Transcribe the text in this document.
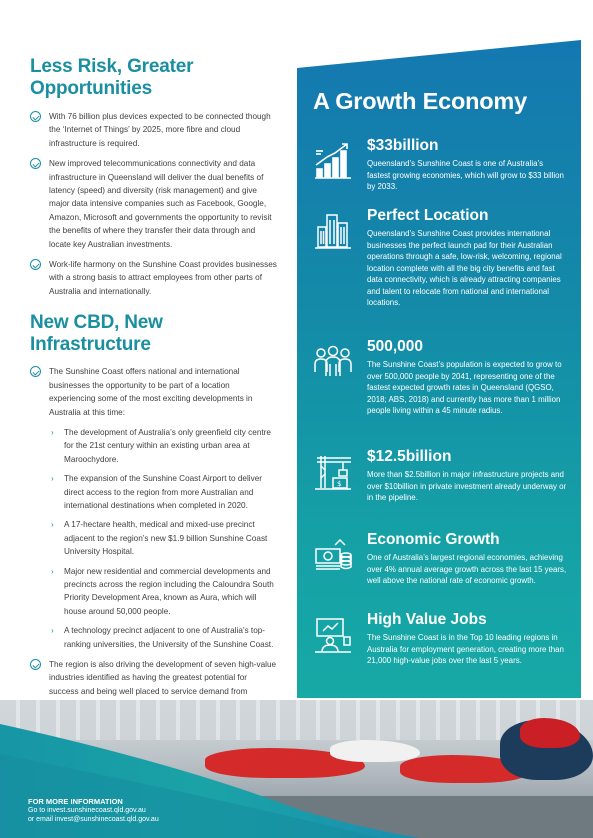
Less Risk, Greater Opportunities
With 76 billion plus devices expected to be connected though the ‘Internet of Things’ by 2025, more fibre and cloud infrastructure is required.
New improved telecommunications connectivity and data infrastructure in Queensland will deliver the dual benefits of latency (speed) and diversity (risk management) and give major data intensive companies such as Facebook, Google, Amazon, Microsoft and governments the opportunity to revisit the benefits of where they transfer their data through and locate key Australian investments.
Work-life harmony on the Sunshine Coast provides businesses with a strong basis to attract employees from other parts of Australia and internationally.
New CBD, New Infrastructure
The Sunshine Coast offers national and international businesses the opportunity to be part of a location experiencing some of the most exciting developments in Australia at this time:
› The development of Australia’s only greenfield city centre for the 21st century within an existing urban area at Maroochydore.
› The expansion of the Sunshine Coast Airport to deliver direct access to the region from more Australian and international destinations when completed in 2020.
› A 17-hectare health, medical and mixed-use precinct adjacent to the region’s new $1.9 billion Sunshine Coast University Hospital.
› Major new residential and commercial developments and precincts across the region including the Caloundra South Priority Development Area, known as Aura, which will house around 50,000 people.
› A technology precinct adjacent to one of Australia’s top-ranking universities, the University of the Sunshine Coast.
The region is also driving the development of seven high-value industries identified as having the greatest potential for success and being well placed to service demand from
A Growth Economy
$33billion
Queensland’s Sunshine Coast is one of Australia’s fastest growing economies, which will grow to $33 billion by 2033.
Perfect Location
Queensland’s Sunshine Coast provides international businesses the perfect launch pad for their Australian operations through a safe, low-risk, welcoming, regional location complete with all the big city benefits and fast data connectivity, which is already attracting companies and talent to relocate from national and international locations.
500,000
The Sunshine Coast’s population is expected to grow to over 500,000 people by 2041, representing one of the fastest expected growth rates in Queensland (QGSO, 2018; ABS, 2018) and currently has more than 1 million people living within a 45 minute radius.
$
$12.5billion
More than $2.5billion in major infrastructure projects and over $10billion in private investment already underway or in the pipeline.
Economic Growth
One of Australia’s largest regional economies, achieving over 4% annual average growth across the last 15 years, well above the national rate of economic growth.
High Value Jobs
The Sunshine Coast is in the Top 10 leading regions in Australia for employment generation, creating more than 21,000 high-value jobs over the last 5 years.
FOR MORE INFORMATION
Go to invest.sunshinecoast.qld.gov.au
or email invest@sunshinecoast.qld.gov.au
